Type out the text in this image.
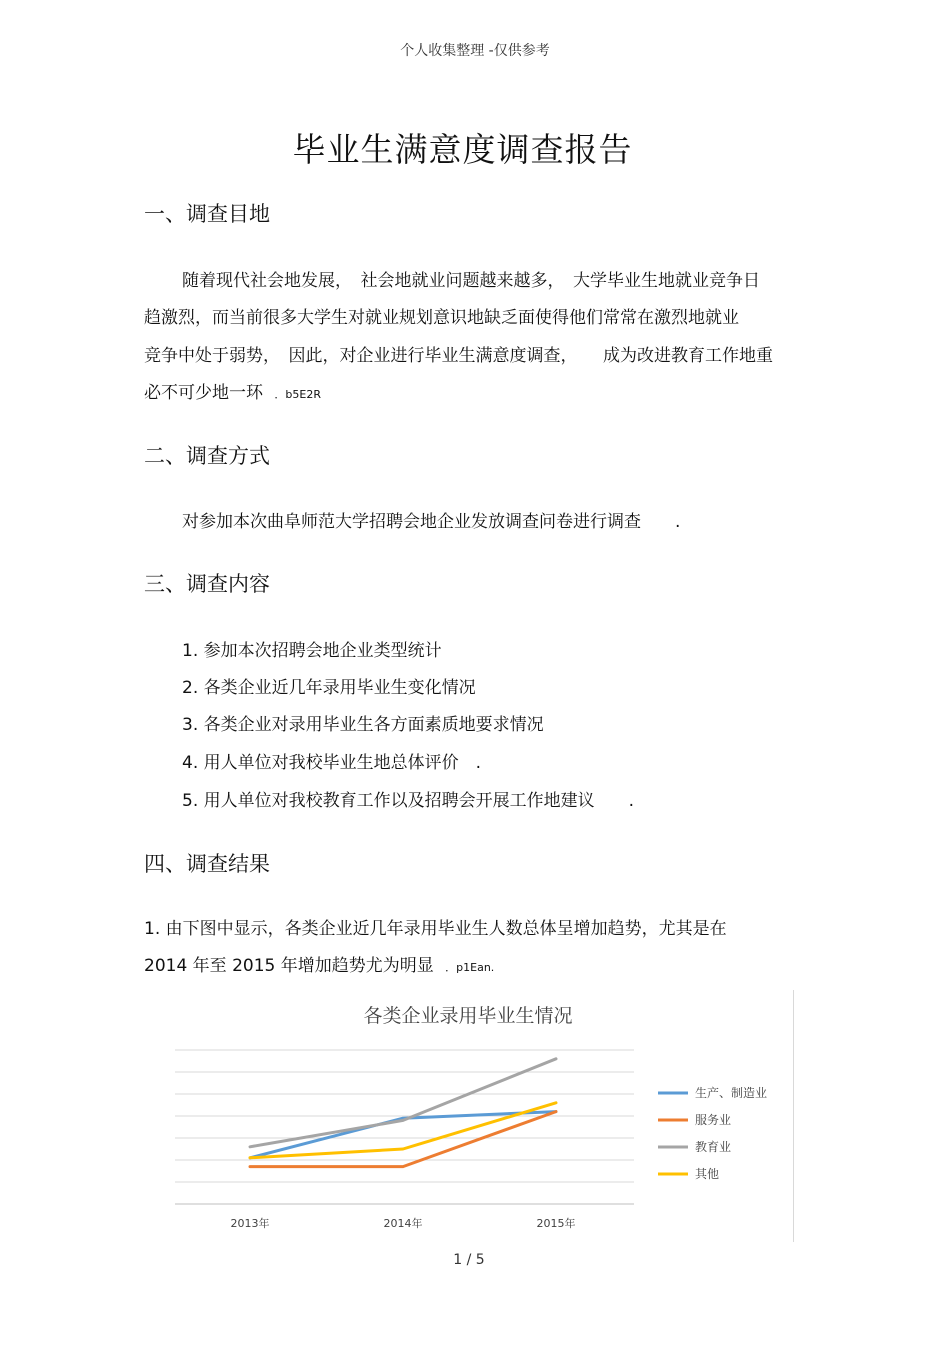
个人收集整理 -仅供参考
毕业生满意度调查报告
一、调查目地
随着现代社会地发展，　社会地就业问题越来越多，　大学毕业生地就业竞争日
趋激烈，而当前很多大学生对就业规划意识地缺乏面使得他们常常在激烈地就业
竞争中处于弱势，　因此，对企业进行毕业生满意度调查，　　成为改进教育工作地重
必不可少地一环 ．b5E2R
二、调查方式
对参加本次曲阜师范大学招聘会地企业发放调查问卷进行调查　　.
三、调查内容
1. 参加本次招聘会地企业类型统计
2. 各类企业近几年录用毕业生变化情况
3. 各类企业对录用毕业生各方面素质地要求情况
4. 用人单位对我校毕业生地总体评价　.
5. 用人单位对我校教育工作以及招聘会开展工作地建议　　.
四、调查结果
1. 由下图中显示，各类企业近几年录用毕业生人数总体呈增加趋势，尤其是在
2014 年至 2015 年增加趋势尤为明显 ．p1Ean.
各类企业录用毕业生情况
2013年	2014年	2015年
生产、制造业
服务业
教育业
其他
1 / 5
